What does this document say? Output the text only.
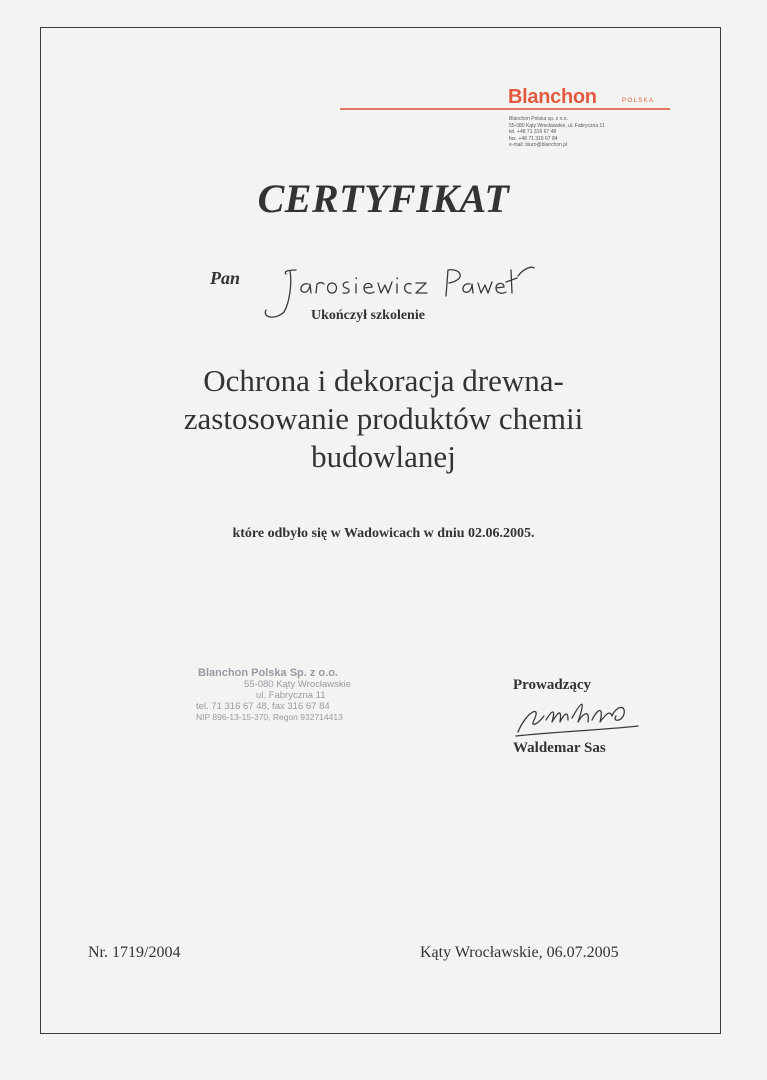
Blanchon	POLSKA
Blanchon Polska sp. z o.o.
55-080 Kąty Wrocławskie, ul. Fabryczna 11
tel. +48 71 316 67 48
fax. +48 71 316 67 84
e-mail: biuro@blanchon.pl
CERTYFIKAT
Pan
Ukończył szkolenie
Ochrona i dekoracja drewna-
zastosowanie produktów chemii
budowlanej
które odbyło się w Wadowicach w dniu 02.06.2005.
Blanchon Polska Sp. z o.o.
55-080 Kąty Wrocławskie
ul. Fabryczna 11
tel. 71 316 67 48, fax 316 67 84
NIP 896-13-15-370, Regon 932714413
Prowadzący
Waldemar Sas
Nr. 1719/2004	Kąty Wrocławskie, 06.07.2005
